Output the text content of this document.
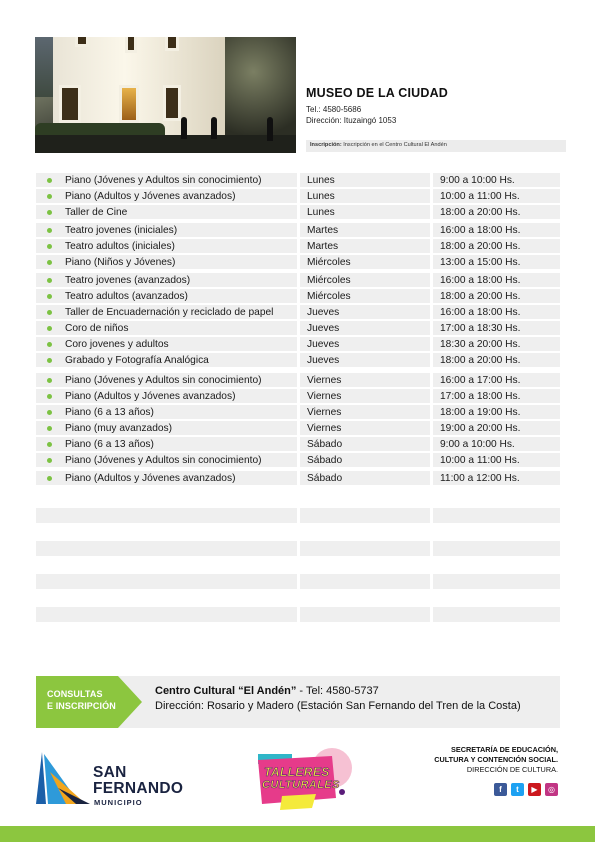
MUSEO DE LA CIUDAD
Tel.: 4580-5686
Dirección: Ituzaingó 1053
Inscripción: Inscripción en el Centro Cultural El Andén
Piano (Jóvenes y Adultos sin conocimiento)	Lunes	9:00 a 10:00 Hs.
Piano (Adultos y Jóvenes avanzados)	Lunes	10:00 a 11:00 Hs.
Taller de Cine	Lunes	18:00 a 20:00 Hs.
Teatro jovenes (iniciales)	Martes	16:00 a 18:00 Hs.
Teatro adultos (iniciales)	Martes	18:00 a 20:00 Hs.
Piano (Niños y Jóvenes)	Miércoles	13:00 a 15:00 Hs.
Teatro jovenes (avanzados)	Miércoles	16:00 a 18:00 Hs.
Teatro adultos (avanzados)	Miércoles	18:00 a 20:00 Hs.
Taller de Encuadernación y reciclado de papel	Jueves	16:00 a 18:00 Hs.
Coro de niños	Jueves	17:00 a 18:30 Hs.
Coro jovenes y adultos	Jueves	18:30 a 20:00 Hs.
Grabado y Fotografía Analógica	Jueves	18:00 a 20:00 Hs.
Piano (Jóvenes y Adultos sin conocimiento)	Viernes	16:00 a 17:00 Hs.
Piano (Adultos y Jóvenes avanzados)	Viernes	17:00 a 18:00 Hs.
Piano (6 a 13 años)	Viernes	18:00 a 19:00 Hs.
Piano (muy avanzados)	Viernes	19:00 a 20:00 Hs.
Piano (6 a 13 años)	Sábado	9:00 a 10:00 Hs.
Piano (Jóvenes y Adultos sin conocimiento)	Sábado	10:00 a 11:00 Hs.
Piano (Adultos y Jóvenes avanzados)	Sábado	11:00 a 12:00 Hs.
CONSULTAS
E INSCRIPCIÓN
Centro Cultural “El Andén” - Tel: 4580-5737
Dirección: Rosario y Madero (Estación San Fernando del Tren de la Costa)
SAN
FERNANDO
MUNICIPIO
TALLERES
CULTURALES
SECRETARÍA DE EDUCACIÓN,
CULTURA Y CONTENCIÓN SOCIAL.
DIRECCIÓN DE CULTURA.
f	t	▶	◎
